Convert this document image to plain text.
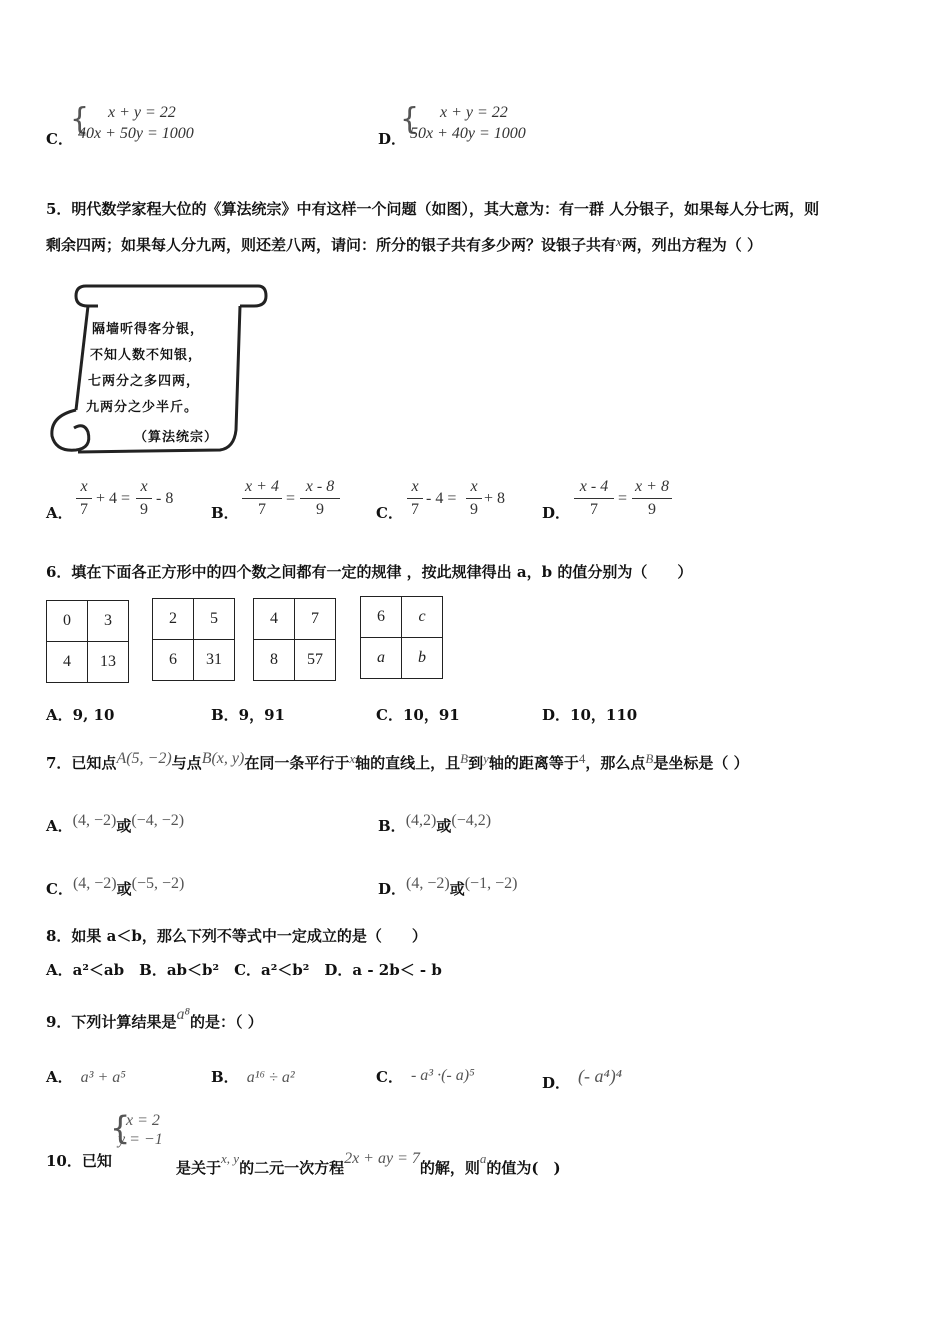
C．
{ x + y = 22
40x + 50y = 1000	D．
{ x + y = 22
50x + 40y = 1000
5．明代数学家程大位的《算法统宗》中有这样一个问题（如图），其大意为：有一群 人分银子，如果每人分七两，则
剩余四两；如果每人分九两，则还差八两，请问：所分的银子共有多少两？设银子共有x两，列出方程为（ ）
隔墙听得客分银，
不知人数不知银，
七两分之多四两，
九两分之少半斤。
（算法统宗）
A．
x
7
+ 4 =
x
9
- 8
B．
x + 4
7
=
x - 8
9	C．
x
7
- 4 =
x
9
+ 8
D．
x - 4
7
=
x + 8
9
6．填在下面各正方形中的四个数之间都有一定的规律 ，按此规律得出 a，b 的值分别为（　　）
0	3
4	13
2	5
6	31
4	7
8	57
6	c
a	b
A．9, 10	B．9，91	C．10，91	D．10，110
7．已知点A(5, −2)与点B(x, y)在同一条平行于x轴的直线上，且B到y轴的距离等于4，那么点B是坐标是（ ）
A．(4, −2)或(−4, −2)	B．(4,2)或(−4,2)
C．(4, −2)或(−5, −2)	D．(4, −2)或(−1, −2)
8．如果 a＜b，那么下列不等式中一定成立的是（　　）
A．a²＜ab　B．ab＜b²　C．a²＜b²　D．a - 2b＜ - b
9．下列计算结果是a⁸的是：（ ）
A． a³ + a⁵	B． a¹⁶ ÷ a²	C． - a³ ·(- a)⁵	D． (- a⁴)⁴
{
x = 2
y = −1
10．已知	是关于x, y的二元一次方程2x + ay = 7的解，则a的值为(　)
